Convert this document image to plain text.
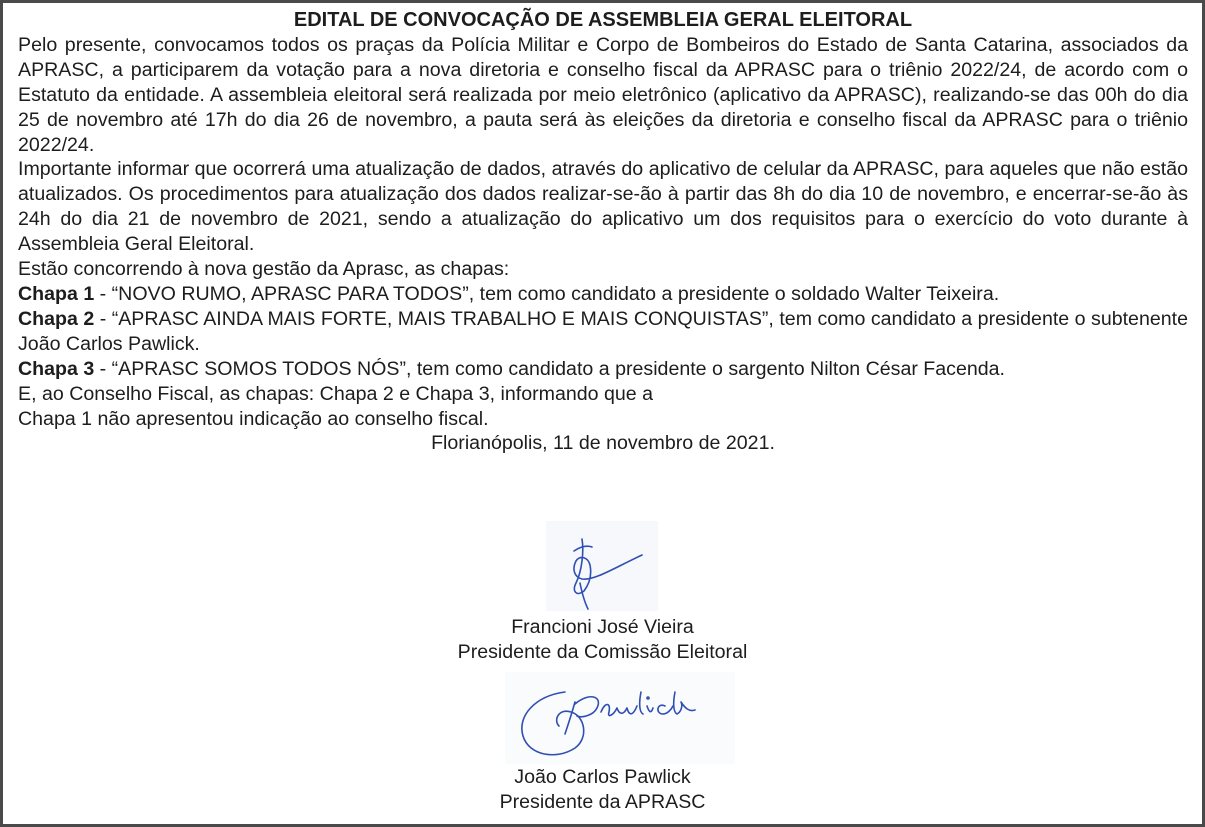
EDITAL DE CONVOCAÇÃO DE ASSEMBLEIA GERAL ELEITORAL
Pelo presente, convocamos todos os praças da Polícia Militar e Corpo de Bombeiros do Estado de Santa Catarina, associados da APRASC, a participarem da votação para a nova diretoria e conselho fiscal da APRASC para o triênio 2022/24, de acordo com o Estatuto da entidade. A assembleia eleitoral será realizada por meio eletrônico (aplicativo da APRASC), realizando-se das 00h do dia 25 de novembro até 17h do dia 26 de novembro, a pauta será às eleições da diretoria e conselho fiscal da APRASC para o triênio 2022/24.
Importante informar que ocorrerá uma atualização de dados, através do aplicativo de celular da APRASC, para aqueles que não estão atualizados. Os procedimentos para atualização dos dados realizar-se-ão à partir das 8h do dia 10 de novembro, e encerrar-se-ão às 24h do dia 21 de novembro de 2021, sendo a atualização do aplicativo um dos requisitos para o exercício do voto durante à Assembleia Geral Eleitoral.
Estão concorrendo à nova gestão da Aprasc, as chapas:
Chapa 1 - “NOVO RUMO, APRASC PARA TODOS”, tem como candidato a presidente o soldado Walter Teixeira.
Chapa 2 - “APRASC AINDA MAIS FORTE, MAIS TRABALHO E MAIS CONQUISTAS”, tem como candidato a presidente o subtenente João Carlos Pawlick.
Chapa 3 - “APRASC SOMOS TODOS NÓS”, tem como candidato a presidente o sargento Nilton César Facenda.
E, ao Conselho Fiscal, as chapas: Chapa 2 e Chapa 3, informando que a
Chapa 1 não apresentou indicação ao conselho fiscal.
Florianópolis, 11 de novembro de 2021.
Francioni José Vieira
Presidente da Comissão Eleitoral
João Carlos Pawlick
Presidente da APRASC
